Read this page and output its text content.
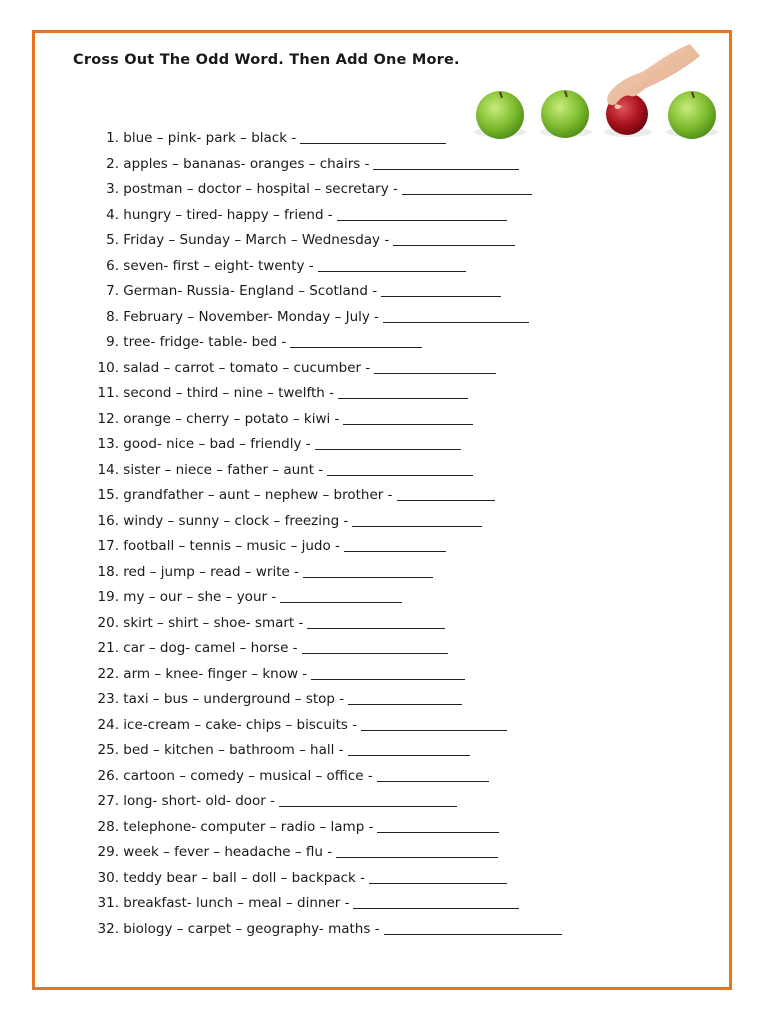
Cross Out The Odd Word. Then Add One More.
1. blue – pink- park – black -
2. apples – bananas- oranges – chairs -
3. postman – doctor – hospital – secretary -
4. hungry – tired- happy – friend -
5. Friday – Sunday – March – Wednesday -
6. seven- first – eight- twenty -
7. German- Russia- England – Scotland -
8. February – November- Monday – July -
9. tree- fridge- table- bed -
10. salad – carrot – tomato – cucumber -
11. second – third – nine – twelfth -
12. orange – cherry – potato – kiwi -
13. good- nice – bad – friendly -
14. sister – niece – father – aunt -
15. grandfather – aunt – nephew – brother -
16. windy – sunny – clock – freezing -
17. football – tennis – music – judo -
18. red – jump – read – write -
19. my – our – she – your -
20. skirt – shirt – shoe- smart -
21. car – dog- camel – horse -
22. arm – knee- finger – know -
23. taxi – bus – underground – stop -
24. ice-cream – cake- chips – biscuits -
25. bed – kitchen – bathroom – hall -
26. cartoon – comedy – musical – office -
27. long- short- old- door -
28. telephone- computer – radio – lamp -
29. week – fever – headache – flu -
30. teddy bear – ball – doll – backpack -
31. breakfast- lunch – meal – dinner -
32. biology – carpet – geography- maths -
